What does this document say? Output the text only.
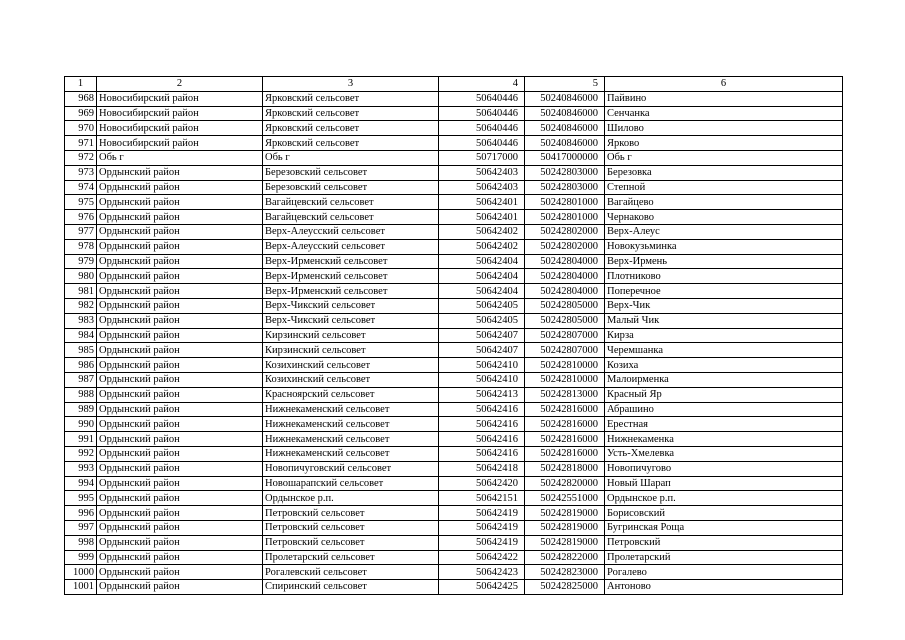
1	2	3	4	5	6
968	Новосибирский район	Ярковский сельсовет	50640446	50240846000	Пайвино
969	Новосибирский район	Ярковский сельсовет	50640446	50240846000	Сенчанка
970	Новосибирский район	Ярковский сельсовет	50640446	50240846000	Шилово
971	Новосибирский район	Ярковский сельсовет	50640446	50240846000	Ярково
972	Обь г	Обь г	50717000	50417000000	Обь г
973	Ордынский район	Березовский сельсовет	50642403	50242803000	Березовка
974	Ордынский район	Березовский сельсовет	50642403	50242803000	Степной
975	Ордынский район	Вагайцевский сельсовет	50642401	50242801000	Вагайцево
976	Ордынский район	Вагайцевский сельсовет	50642401	50242801000	Чернаково
977	Ордынский район	Верх-Алеусский сельсовет	50642402	50242802000	Верх-Алеус
978	Ордынский район	Верх-Алеусский сельсовет	50642402	50242802000	Новокузьминка
979	Ордынский район	Верх-Ирменский сельсовет	50642404	50242804000	Верх-Ирмень
980	Ордынский район	Верх-Ирменский сельсовет	50642404	50242804000	Плотниково
981	Ордынский район	Верх-Ирменский сельсовет	50642404	50242804000	Поперечное
982	Ордынский район	Верх-Чикский сельсовет	50642405	50242805000	Верх-Чик
983	Ордынский район	Верх-Чикский сельсовет	50642405	50242805000	Малый Чик
984	Ордынский район	Кирзинский сельсовет	50642407	50242807000	Кирза
985	Ордынский район	Кирзинский сельсовет	50642407	50242807000	Черемшанка
986	Ордынский район	Козихинский сельсовет	50642410	50242810000	Козиха
987	Ордынский район	Козихинский сельсовет	50642410	50242810000	Малоирменка
988	Ордынский район	Красноярский сельсовет	50642413	50242813000	Красный Яр
989	Ордынский район	Нижнекаменский сельсовет	50642416	50242816000	Абрашино
990	Ордынский район	Нижнекаменский сельсовет	50642416	50242816000	Ерестная
991	Ордынский район	Нижнекаменский сельсовет	50642416	50242816000	Нижнекаменка
992	Ордынский район	Нижнекаменский сельсовет	50642416	50242816000	Усть-Хмелевка
993	Ордынский район	Новопичуговский сельсовет	50642418	50242818000	Новопичугово
994	Ордынский район	Новошарапский сельсовет	50642420	50242820000	Новый Шарап
995	Ордынский район	Ордынское р.п.	50642151	50242551000	Ордынское р.п.
996	Ордынский район	Петровский сельсовет	50642419	50242819000	Борисовский
997	Ордынский район	Петровский сельсовет	50642419	50242819000	Бугринская Роща
998	Ордынский район	Петровский сельсовет	50642419	50242819000	Петровский
999	Ордынский район	Пролетарский сельсовет	50642422	50242822000	Пролетарский
1000	Ордынский район	Рогалевский сельсовет	50642423	50242823000	Рогалево
1001	Ордынский район	Спиринский сельсовет	50642425	50242825000	Антоново
